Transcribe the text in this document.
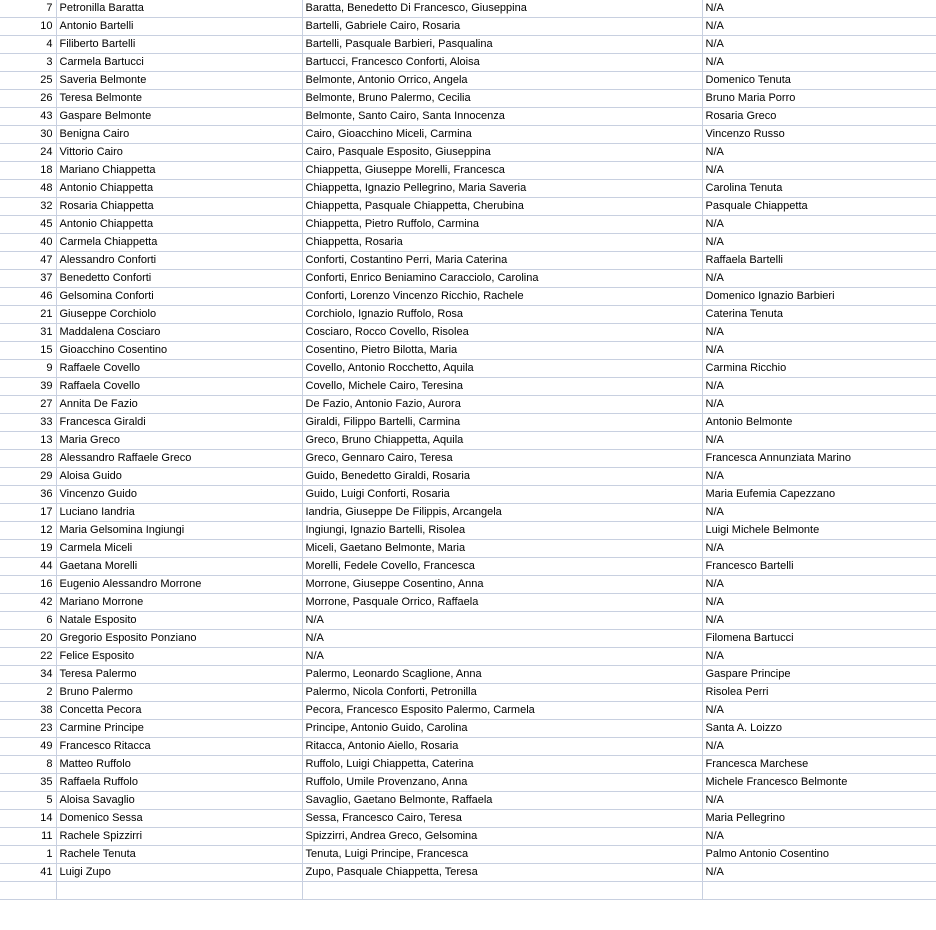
7	Petronilla Baratta	Baratta, Benedetto Di Francesco, Giuseppina	N/A
10	Antonio Bartelli	Bartelli, Gabriele Cairo, Rosaria	N/A
4	Filiberto Bartelli	Bartelli, Pasquale Barbieri, Pasqualina	N/A
3	Carmela Bartucci	Bartucci, Francesco Conforti, Aloisa	N/A
25	Saveria Belmonte	Belmonte, Antonio Orrico, Angela	Domenico Tenuta
26	Teresa Belmonte	Belmonte, Bruno Palermo, Cecilia	Bruno Maria Porro
43	Gaspare Belmonte	Belmonte, Santo Cairo, Santa Innocenza	Rosaria Greco
30	Benigna Cairo	Cairo, Gioacchino Miceli, Carmina	Vincenzo Russo
24	Vittorio Cairo	Cairo, Pasquale Esposito, Giuseppina	N/A
18	Mariano Chiappetta	Chiappetta, Giuseppe Morelli, Francesca	N/A
48	Antonio Chiappetta	Chiappetta, Ignazio Pellegrino, Maria Saveria	Carolina Tenuta
32	Rosaria Chiappetta	Chiappetta, Pasquale Chiappetta, Cherubina	Pasquale Chiappetta
45	Antonio Chiappetta	Chiappetta, Pietro Ruffolo, Carmina	N/A
40	Carmela Chiappetta	Chiappetta, Rosaria	N/A
47	Alessandro Conforti	Conforti, Costantino Perri, Maria Caterina	Raffaela Bartelli
37	Benedetto Conforti	Conforti, Enrico Beniamino Caracciolo, Carolina	N/A
46	Gelsomina Conforti	Conforti, Lorenzo Vincenzo Ricchio, Rachele	Domenico Ignazio Barbieri
21	Giuseppe Corchiolo	Corchiolo, Ignazio Ruffolo, Rosa	Caterina Tenuta
31	Maddalena Cosciaro	Cosciaro, Rocco Covello, Risolea	N/A
15	Gioacchino Cosentino	Cosentino, Pietro Bilotta, Maria	N/A
9	Raffaele Covello	Covello, Antonio Rocchetto, Aquila	Carmina Ricchio
39	Raffaela Covello	Covello, Michele Cairo, Teresina	N/A
27	Annita De Fazio	De Fazio, Antonio Fazio, Aurora	N/A
33	Francesca Giraldi	Giraldi, Filippo Bartelli, Carmina	Antonio Belmonte
13	Maria Greco	Greco, Bruno Chiappetta, Aquila	N/A
28	Alessandro Raffaele Greco	Greco, Gennaro Cairo, Teresa	Francesca Annunziata Marino
29	Aloisa Guido	Guido, Benedetto Giraldi, Rosaria	N/A
36	Vincenzo Guido	Guido, Luigi Conforti, Rosaria	Maria Eufemia Capezzano
17	Luciano Iandria	Iandria, Giuseppe De Filippis, Arcangela	N/A
12	Maria Gelsomina Ingiungi	Ingiungi, Ignazio Bartelli, Risolea	Luigi Michele Belmonte
19	Carmela Miceli	Miceli, Gaetano Belmonte, Maria	N/A
44	Gaetana Morelli	Morelli, Fedele Covello, Francesca	Francesco Bartelli
16	Eugenio Alessandro Morrone	Morrone, Giuseppe Cosentino, Anna	N/A
42	Mariano Morrone	Morrone, Pasquale Orrico, Raffaela	N/A
6	Natale Esposito	N/A	N/A
20	Gregorio Esposito Ponziano	N/A	Filomena Bartucci
22	Felice Esposito	N/A	N/A
34	Teresa Palermo	Palermo, Leonardo Scaglione, Anna	Gaspare Principe
2	Bruno Palermo	Palermo, Nicola Conforti, Petronilla	Risolea Perri
38	Concetta Pecora	Pecora, Francesco Esposito Palermo, Carmela	N/A
23	Carmine Principe	Principe, Antonio Guido, Carolina	Santa A. Loizzo
49	Francesco Ritacca	Ritacca, Antonio Aiello, Rosaria	N/A
8	Matteo Ruffolo	Ruffolo, Luigi Chiappetta, Caterina	Francesca Marchese
35	Raffaela Ruffolo	Ruffolo, Umile Provenzano, Anna	Michele Francesco Belmonte
5	Aloisa Savaglio	Savaglio, Gaetano Belmonte, Raffaela	N/A
14	Domenico Sessa	Sessa, Francesco Cairo, Teresa	Maria Pellegrino
11	Rachele Spizzirri	Spizzirri, Andrea Greco, Gelsomina	N/A
1	Rachele Tenuta	Tenuta, Luigi Principe, Francesca	Palmo Antonio Cosentino
41	Luigi Zupo	Zupo, Pasquale Chiappetta, Teresa	N/A
